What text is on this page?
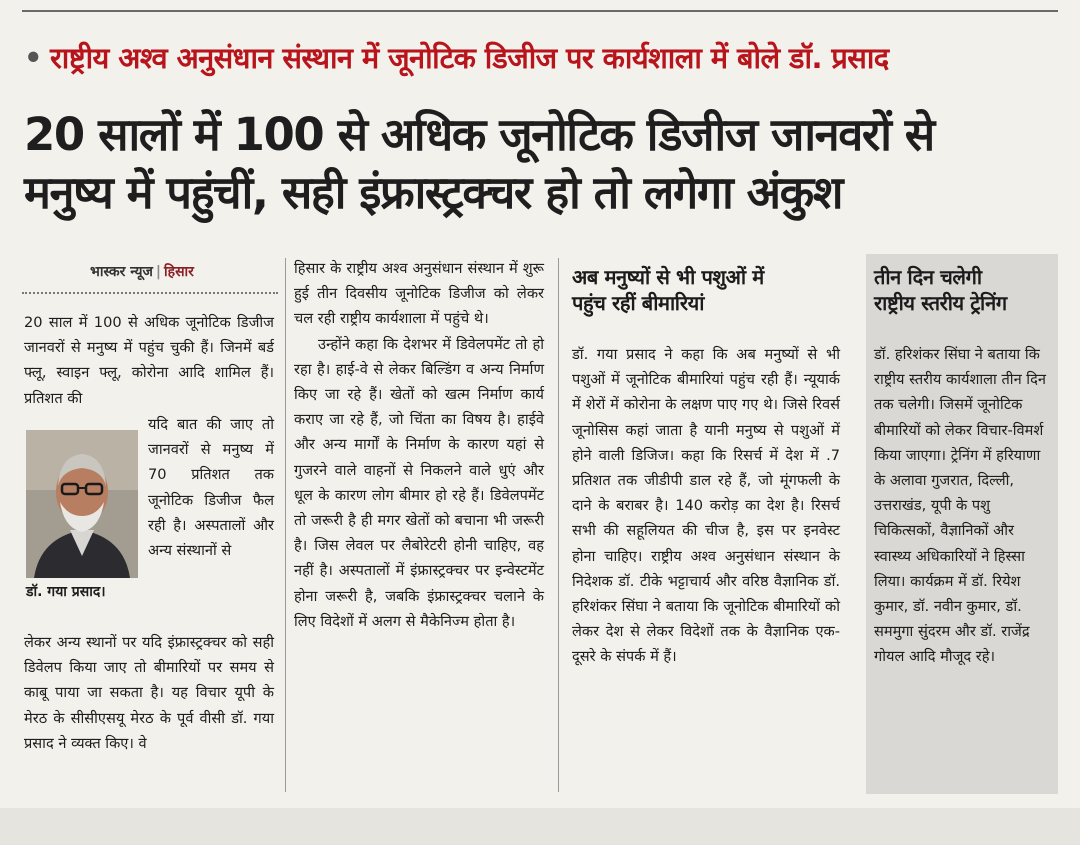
• राष्ट्रीय अश्व अनुसंधान संस्थान में जूनोटिक डिजीज पर कार्यशाला में बोले डॉ. प्रसाद
20 सालों में 100 से अधिक जूनोटिक डिजीज जानवरों से
मनुष्य में पहुंचीं, सही इंफ्रास्ट्रक्चर हो तो लगेगा अंकुश
भास्कर न्यूज | हिसार

20 साल में 100 से अधिक जूनोटिक डिजीज जानवरों से मनुष्य में पहुंच चुकी हैं। जिनमें बर्ड फ्लू, स्वाइन फ्लू, कोरोना आदि शामिल हैं। प्रतिशत की

यदि बात की जाए तो जानवरों से मनुष्य में 70 प्रतिशत तक जूनोटिक डिजीज फैल रही है। अस्पतालों और अन्य संस्थानों से

डॉ. गया प्रसाद।

लेकर अन्य स्थानों पर यदि इंफ्रास्ट्रक्चर को सही डिवेलप किया जाए तो बीमारियों पर समय से काबू पाया जा सकता है। यह विचार यूपी के मेरठ के सीसीएसयू मेरठ के पूर्व वीसी डॉ. गया प्रसाद ने व्यक्त किए। वे

हिसार के राष्ट्रीय अश्व अनुसंधान संस्थान में शुरू हुई तीन दिवसीय जूनोटिक डिजीज को लेकर चल रही राष्ट्रीय कार्यशाला में पहुंचे थे।

उन्होंने कहा कि देशभर में डिवेलपमेंट तो हो रहा है। हाई-वे से लेकर बिल्डिंग व अन्य निर्माण किए जा रहे हैं। खेतों को खत्म निर्माण कार्य कराए जा रहे हैं, जो चिंता का विषय है। हाईवे और अन्य मार्गों के निर्माण के कारण यहां से गुजरने वाले वाहनों से निकलने वाले धुएं और धूल के कारण लोग बीमार हो रहे हैं। डिवेलपमेंट तो जरूरी है ही मगर खेतों को बचाना भी जरूरी है। जिस लेवल पर लैबोरेटरी होनी चाहिए, वह नहीं है। अस्पतालों में इंफ्रास्ट्रक्चर पर इन्वेस्टमेंट होना जरूरी है, जबकि इंफ्रास्ट्रक्चर चलाने के लिए विदेशों में अलग से मैकेनिज्म होता है।

अब मनुष्यों से भी पशुओं में
पहुंच रहीं बीमारियां

डॉ. गया प्रसाद ने कहा कि अब मनुष्यों से भी पशुओं में जूनोटिक बीमारियां पहुंच रही हैं। न्यूयार्क में शेरों में कोरोना के लक्षण पाए गए थे। जिसे रिवर्स जूनोसिस कहां जाता है यानी मनुष्य से पशुओं में होने वाली डिजिज। कहा कि रिसर्च में देश में .7 प्रतिशत तक जीडीपी डाल रहे हैं, जो मूंगफली के दाने के बराबर है। 140 करोड़ का देश है। रिसर्च सभी की सहूलियत की चीज है, इस पर इनवेस्ट होना चाहिए। राष्ट्रीय अश्व अनुसंधान संस्थान के निदेशक डॉ. टीके भट्टाचार्य और वरिष्ठ वैज्ञानिक डॉ. हरिशंकर सिंघा ने बताया कि जूनोटिक बीमारियों को लेकर देश से लेकर विदेशों तक के वैज्ञानिक एक-दूसरे के संपर्क में हैं।

तीन दिन चलेगी
राष्ट्रीय स्तरीय ट्रेनिंग

डॉ. हरिशंकर सिंघा ने बताया कि राष्ट्रीय स्तरीय कार्यशाला तीन दिन तक चलेगी। जिसमें जूनोटिक बीमारियों को लेकर विचार-विमर्श किया जाएगा। ट्रेनिंग में हरियाणा के अलावा गुजरात, दिल्ली, उत्तराखंड, यूपी के पशु चिकित्सकों, वैज्ञानिकों और स्वास्थ्य अधिकारियों ने हिस्सा लिया। कार्यक्रम में डॉ. रियेश कुमार, डॉ. नवीन कुमार, डॉ. सममुगा सुंदरम और डॉ. राजेंद्र गोयल आदि मौजूद रहे।
